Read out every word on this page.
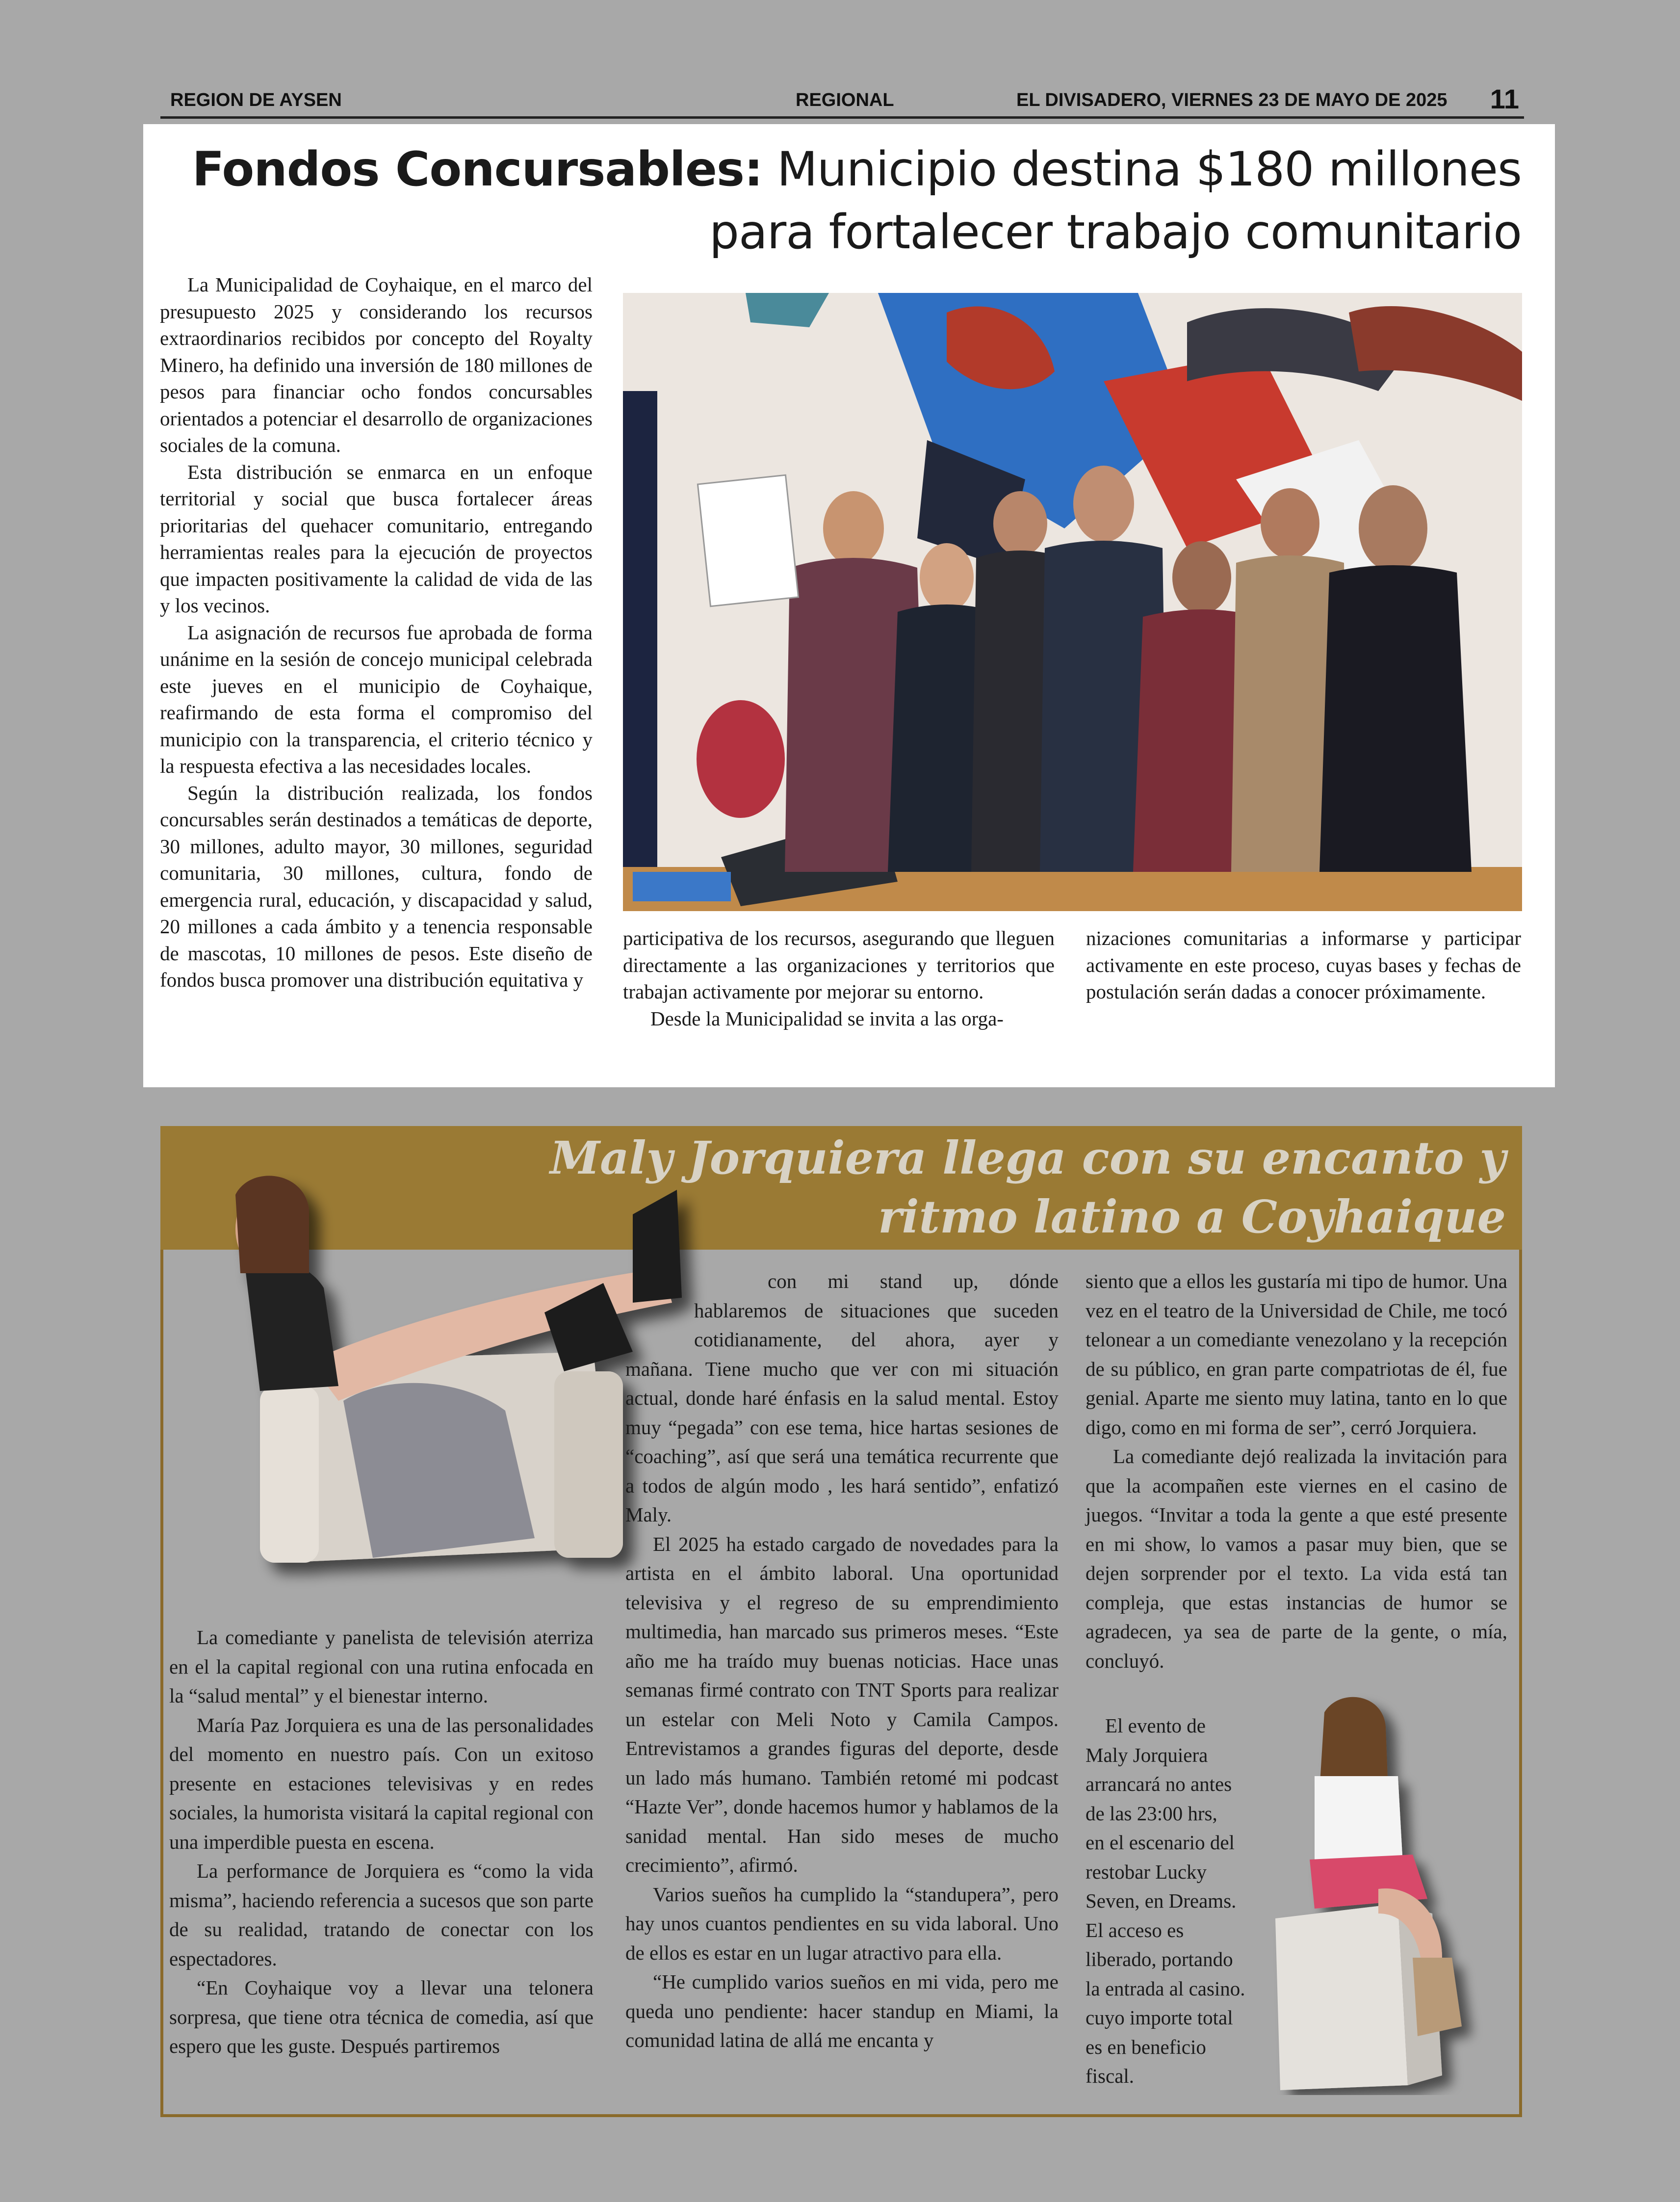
REGION DE AYSEN	REGIONAL	EL DIVISADERO, VIERNES 23 DE MAYO DE 2025 11
Fondos Concursables: Municipio destina $180 millones
para fortalecer trabajo comunitario

La Municipalidad de Coyhaique, en el marco del presupuesto 2025 y considerando los recursos extraordinarios recibidos por concepto del Royalty Minero, ha definido una inversión de 180 millones de pesos para financiar ocho fondos concursables orientados a potenciar el desarrollo de organizaciones sociales de la comuna.

Esta distribución se enmarca en un enfoque territorial y social que busca fortalecer áreas prioritarias del quehacer comunitario, entregando herramientas reales para la ejecución de proyectos que impacten positivamente la calidad de vida de las y los vecinos.

La asignación de recursos fue aprobada de forma unánime en la sesión de concejo municipal celebrada este jueves en el municipio de Coyhaique, reafirmando de esta forma el compromiso del municipio con la transparencia, el criterio técnico y la respuesta efectiva a las necesidades locales.

Según la distribución realizada, los fondos concursables serán destinados a temáticas de deporte, 30 millones, adulto mayor, 30 millones, seguridad comunitaria, 30 millones, cultura, fondo de emergencia rural, educación, y discapacidad y salud, 20 millones a cada ámbito y a tenencia responsable de mascotas, 10 millones de pesos. Este diseño de fondos busca promover una distribución equitativa y

participativa de los recursos, asegurando que lleguen directamente a las organizaciones y territorios que trabajan activamente por mejorar su entorno.

Desde la Municipalidad se invita a las orga-

nizaciones comunitarias a informarse y participar activamente en este proceso, cuyas bases y fechas de postulación serán dadas a conocer próximamente.

Maly Jorquiera llega con su encanto y
ritmo latino a Coyhaique

La comediante y panelista de televisión aterriza en el la capital regional con una rutina enfocada en la “salud mental” y el bienestar interno.

María Paz Jorquiera es una de las personalidades del momento en nuestro país. Con un exitoso presente en estaciones televisivas y en redes sociales, la humorista visitará la capital regional con una imperdible puesta en escena.

La performance de Jorquiera es “como la vida misma”, haciendo referencia a sucesos que son parte de su realidad, tratando de conectar con los espectadores.

“En Coyhaique voy a llevar una telonera sorpresa, que tiene otra técnica de comedia, así que espero que les guste. Después partiremos

con mi stand up, dónde
hablaremos de situaciones que suceden
cotidianamente, del ahora, ayer y

mañana. Tiene mucho que ver con mi situación actual, donde haré énfasis en la salud mental. Estoy muy “pegada” con ese tema, hice hartas sesiones de “coaching”, así que será una temática recurrente que a todos de algún modo , les hará sentido”, enfatizó Maly.

El 2025 ha estado cargado de novedades para la artista en el ámbito laboral. Una oportunidad televisiva y el regreso de su emprendimiento multimedia, han marcado sus primeros meses. “Este año me ha traído muy buenas noticias. Hace unas semanas firmé contrato con TNT Sports para realizar un estelar con Meli Noto y Camila Campos. Entrevistamos a grandes figuras del deporte, desde un lado más humano. También retomé mi podcast “Hazte Ver”, donde hacemos humor y hablamos de la sanidad mental. Han sido meses de mucho crecimiento”, afirmó.

Varios sueños ha cumplido la “standupera”, pero hay unos cuantos pendientes en su vida laboral. Uno de ellos es estar en un lugar atractivo para ella.

“He cumplido varios sueños en mi vida, pero me queda uno pendiente: hacer standup en Miami, la comunidad latina de allá me encanta y

siento que a ellos les gustaría mi tipo de humor. Una vez en el teatro de la Universidad de Chile, me tocó telonear a un comediante venezolano y la recepción de su público, en gran parte compatriotas de él, fue genial. Aparte me siento muy latina, tanto en lo que digo, como en mi forma de ser”, cerró Jorquiera.

La comediante dejó realizada la invitación para que la acompañen este viernes en el casino de juegos. “Invitar a toda la gente a que esté presente en mi show, lo vamos a pasar muy bien, que se dejen sorprender por el texto. La vida está tan compleja, que estas instancias de humor se agradecen, ya sea de parte de la gente, o mía, concluyó.

El evento de
Maly Jorquiera
arrancará no antes
de las 23:00 hrs,
en el escenario del
restobar Lucky
Seven, en Dreams.
El acceso es
liberado, portando
la entrada al casino.
cuyo importe total
es en beneficio
fiscal.
